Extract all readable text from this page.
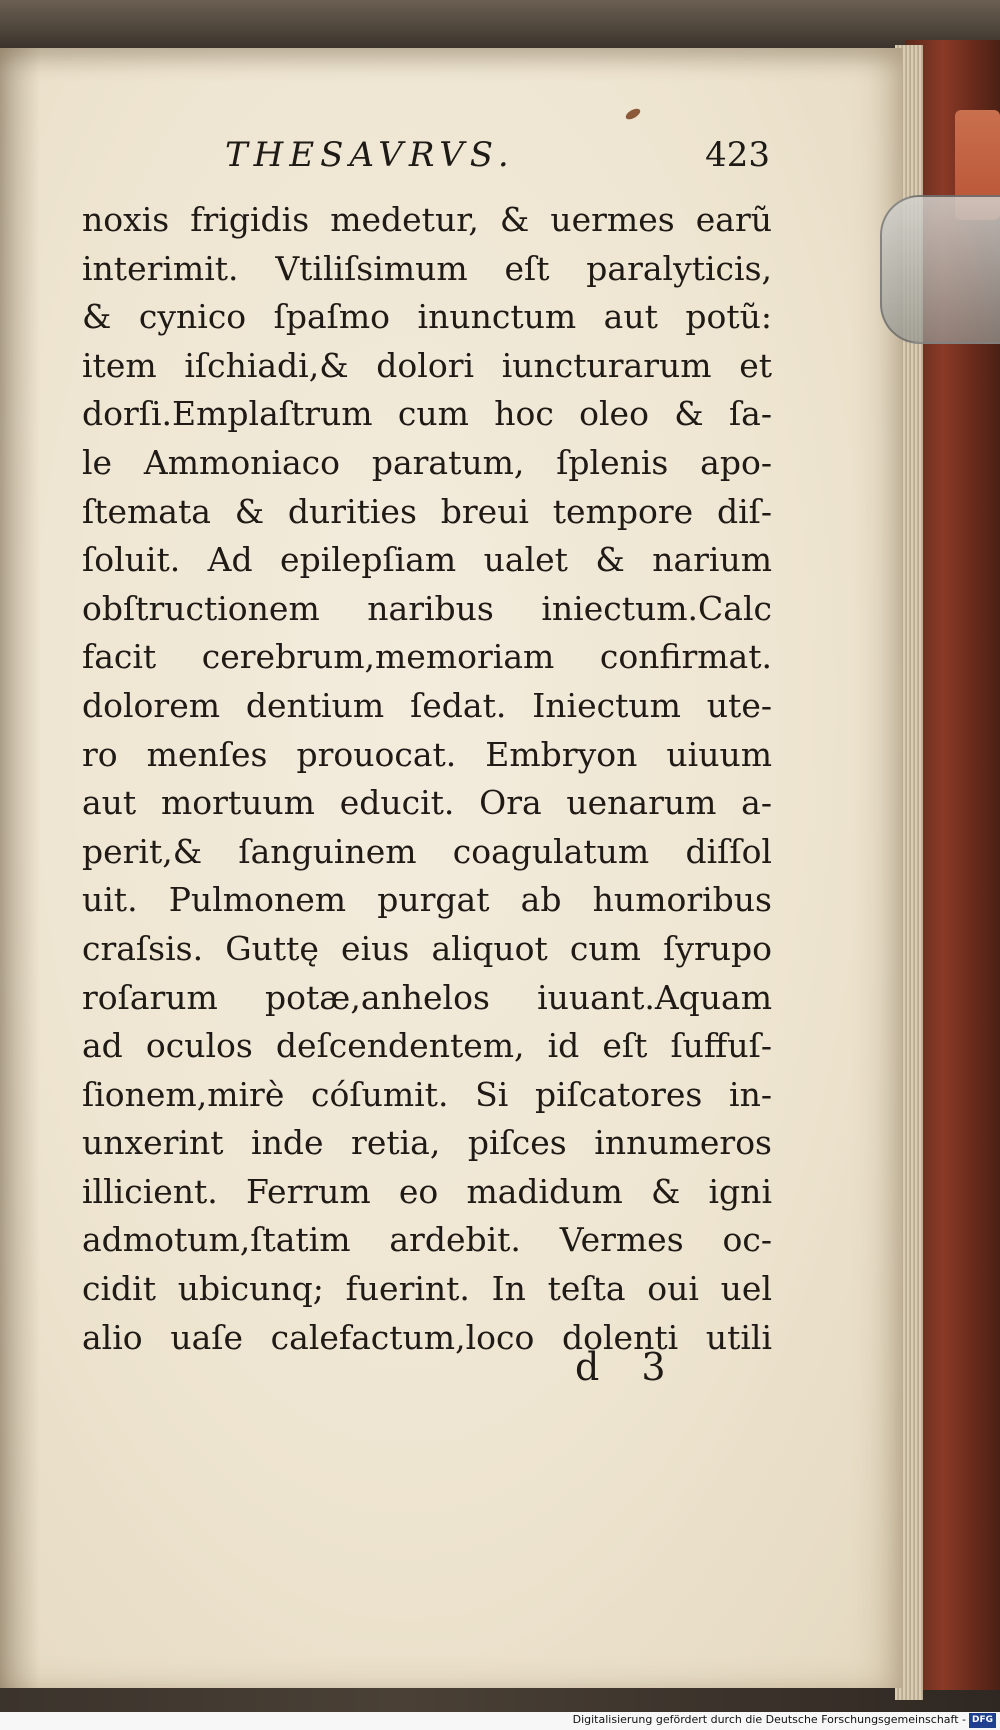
THESAVRVS.	423
noxis frigidis medetur, & uermes earũ
interimit. Vtiliſsimum eſt paralyticis,
& cynico ſpaſmo inunctum aut potũ:
item iſchiadi,& dolori iuncturarum et
dorſi.Emplaſtrum cum hoc oleo & ſa-
le Ammoniaco paratum, ſplenis apo-
ſtemata & durities breui tempore diſ-
ſoluit. Ad epilepſiam ualet & narium
obſtructionem naribus iniectum.Calc
facit cerebrum,memoriam confirmat.
dolorem dentium ſedat. Iniectum ute-
ro menſes prouocat. Embryon uiuum
aut mortuum educit. Ora uenarum a-
perit,& ſanguinem coagulatum diſſol
uit. Pulmonem purgat ab humoribus
craſsis. Guttę eius aliquot cum ſyrupo
roſarum potæ,anhelos iuuant.Aquam
ad oculos deſcendentem, id eſt ſuffuſ-
ſionem,mirè cóſumit. Si piſcatores in-
unxerint inde retia, piſces innumeros
illicient. Ferrum eo madidum & igni
admotum,ſtatim ardebit. Vermes oc-
cidit ubicunq; fuerint. In teſta oui uel
alio uaſe calefactum,loco dolenti utili
d 3
Digitalisierung gefördert durch die Deutsche Forschungsgemeinschaft - DFG
